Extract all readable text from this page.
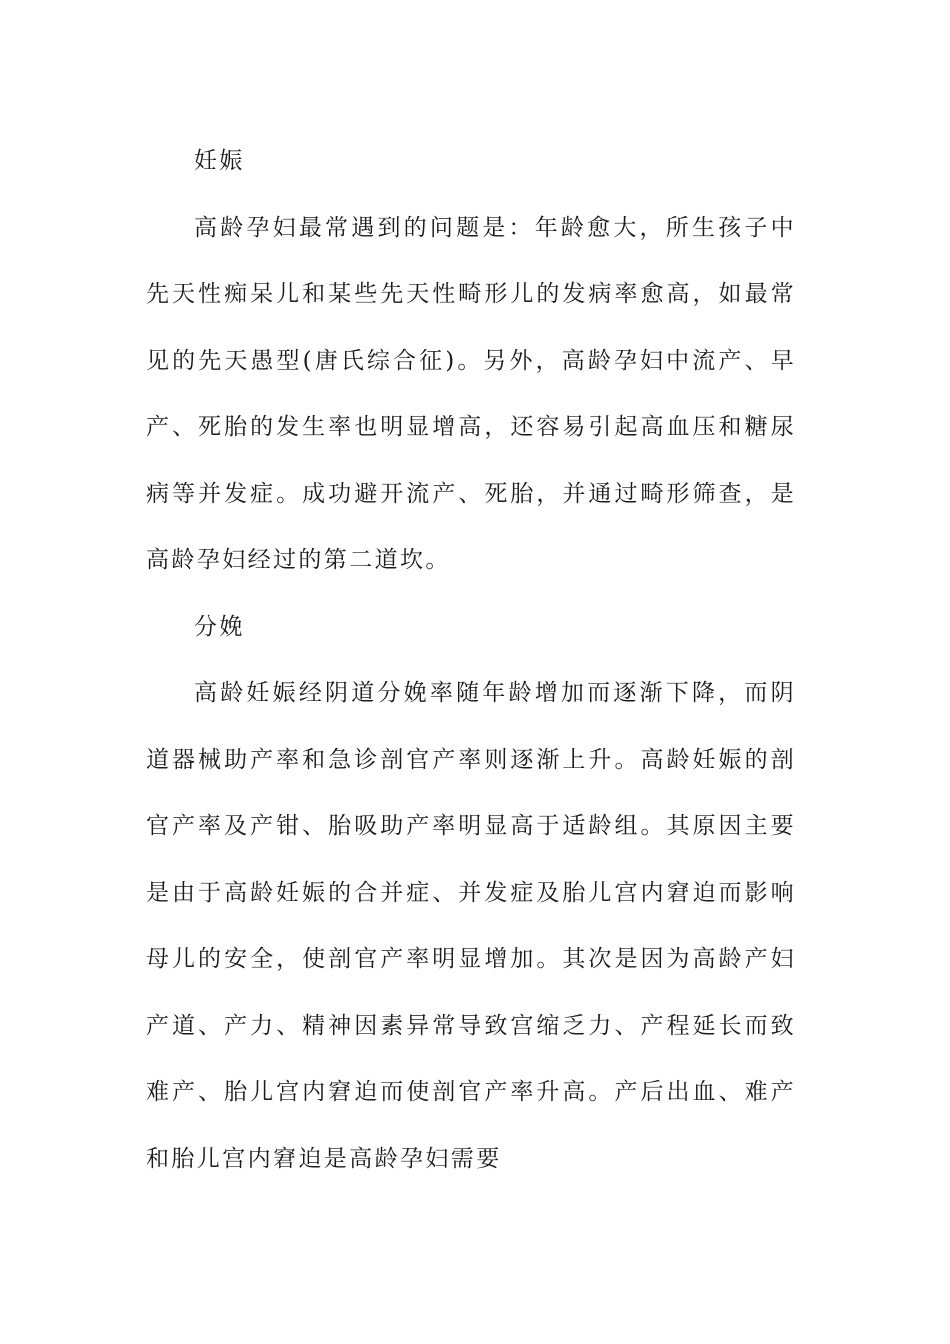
妊娠

高龄孕妇最常遇到的问题是：年龄愈大，所生孩子中先天性痴呆儿和某些先天性畸形儿的发病率愈高，如最常见的先天愚型(唐氏综合征)。另外，高龄孕妇中流产、早产、死胎的发生率也明显增高，还容易引起高血压和糖尿病等并发症。成功避开流产、死胎，并通过畸形筛查，是高龄孕妇经过的第二道坎。

分娩

高龄妊娠经阴道分娩率随年龄增加而逐渐下降，而阴道器械助产率和急诊剖官产率则逐渐上升。高龄妊娠的剖官产率及产钳、胎吸助产率明显高于适龄组。其原因主要是由于高龄妊娠的合并症、并发症及胎儿宫内窘迫而影响母儿的安全，使剖官产率明显增加。其次是因为高龄产妇产道、产力、精神因素异常导致宫缩乏力、产程延长而致难产、胎儿宫内窘迫而使剖官产率升高。产后出血、难产和胎儿宫内窘迫是高龄孕妇需要
